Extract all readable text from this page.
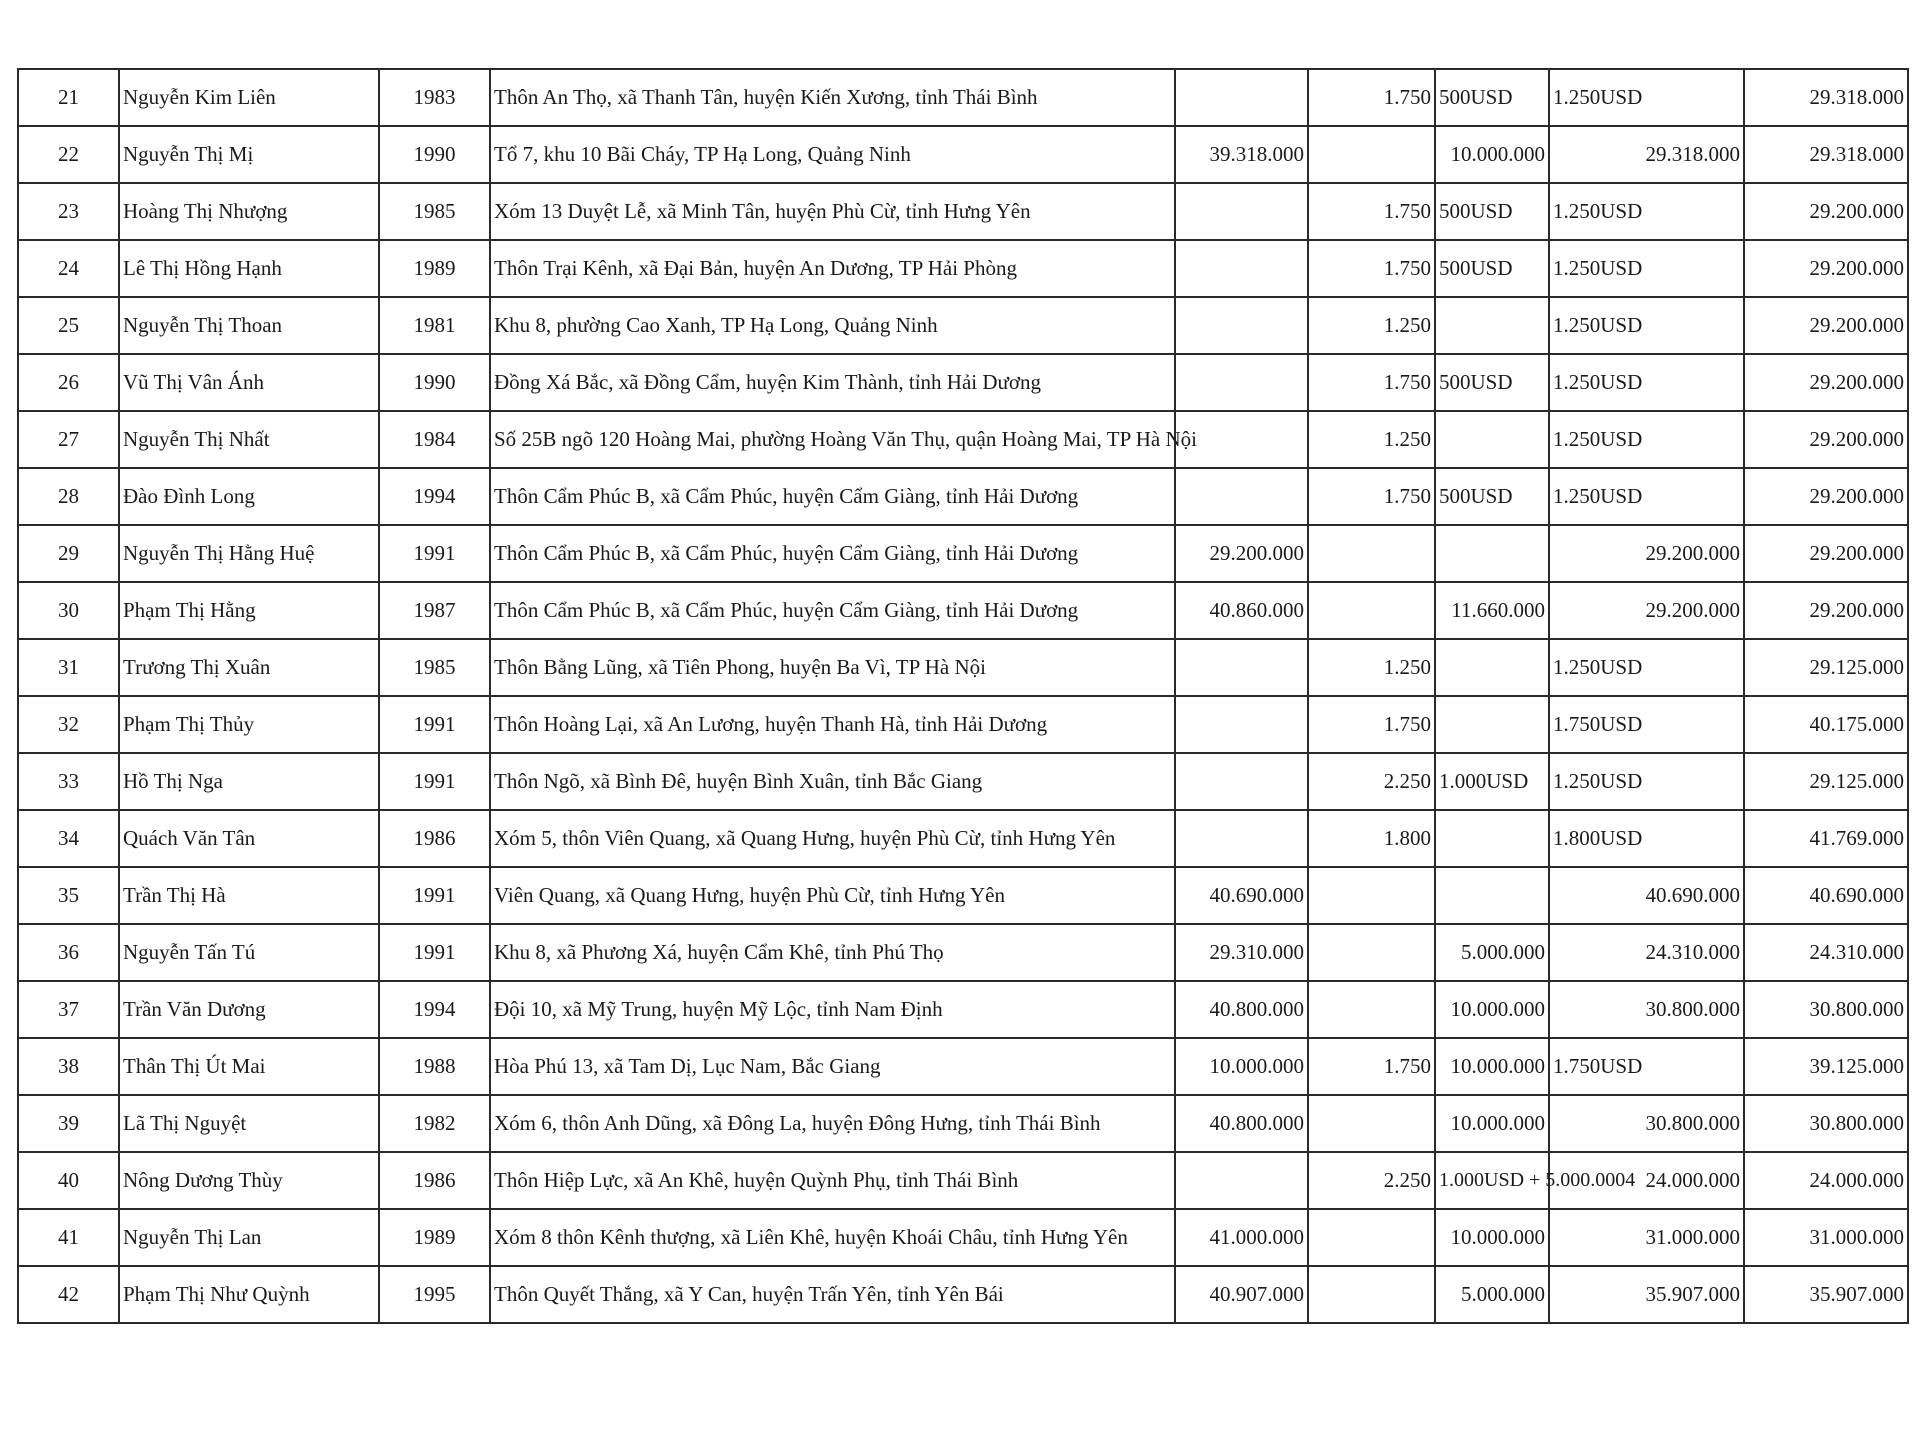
21	Nguyễn Kim Liên	1983	Thôn An Thọ, xã Thanh Tân, huyện Kiến Xương, tỉnh Thái Bình		1.750	500USD	1.250USD	29.318.000
22	Nguyễn Thị Mị	1990	Tổ 7, khu 10 Bãi Cháy, TP Hạ Long, Quảng Ninh	39.318.000		10.000.000	29.318.000	29.318.000
23	Hoàng Thị Nhượng	1985	Xóm 13 Duyệt Lễ, xã Minh Tân, huyện Phù Cừ, tỉnh Hưng Yên		1.750	500USD	1.250USD	29.200.000
24	Lê Thị Hồng Hạnh	1989	Thôn Trại Kênh, xã Đại Bản, huyện An Dương, TP Hải Phòng		1.750	500USD	1.250USD	29.200.000
25	Nguyễn Thị Thoan	1981	Khu 8, phường Cao Xanh, TP Hạ Long, Quảng Ninh		1.250		1.250USD	29.200.000
26	Vũ Thị Vân Ánh	1990	Đồng Xá Bắc, xã Đồng Cẩm, huyện Kim Thành, tỉnh Hải Dương		1.750	500USD	1.250USD	29.200.000
27	Nguyễn Thị Nhất	1984	Số 25B ngõ 120 Hoàng Mai, phường Hoàng Văn Thụ, quận Hoàng Mai, TP Hà Nội		1.250		1.250USD	29.200.000
28	Đào Đình Long	1994	Thôn Cẩm Phúc B, xã Cẩm Phúc, huyện Cẩm Giàng, tỉnh Hải Dương		1.750	500USD	1.250USD	29.200.000
29	Nguyễn Thị Hằng Huệ	1991	Thôn Cẩm Phúc B, xã Cẩm Phúc, huyện Cẩm Giàng, tỉnh Hải Dương	29.200.000			29.200.000	29.200.000
30	Phạm Thị Hằng	1987	Thôn Cẩm Phúc B, xã Cẩm Phúc, huyện Cẩm Giàng, tỉnh Hải Dương	40.860.000		11.660.000	29.200.000	29.200.000
31	Trương Thị Xuân	1985	Thôn Bằng Lũng, xã Tiên Phong, huyện Ba Vì, TP Hà Nội		1.250		1.250USD	29.125.000
32	Phạm Thị Thủy	1991	Thôn Hoàng Lại, xã An Lương, huyện Thanh Hà, tỉnh Hải Dương		1.750		1.750USD	40.175.000
33	Hồ Thị Nga	1991	Thôn Ngõ, xã Bình Đê, huyện Bình Xuân, tỉnh Bắc Giang		2.250	1.000USD	1.250USD	29.125.000
34	Quách Văn Tân	1986	Xóm 5, thôn Viên Quang, xã Quang Hưng, huyện Phù Cừ, tỉnh Hưng Yên		1.800		1.800USD	41.769.000
35	Trần Thị Hà	1991	Viên Quang, xã Quang Hưng, huyện Phù Cừ, tỉnh Hưng Yên	40.690.000			40.690.000	40.690.000
36	Nguyễn Tấn Tú	1991	Khu 8, xã Phương Xá, huyện Cẩm Khê, tỉnh Phú Thọ	29.310.000		5.000.000	24.310.000	24.310.000
37	Trần Văn Dương	1994	Đội 10, xã Mỹ Trung, huyện Mỹ Lộc, tỉnh Nam Định	40.800.000		10.000.000	30.800.000	30.800.000
38	Thân Thị Út Mai	1988	Hòa Phú 13, xã Tam Dị, Lục Nam, Bắc Giang	10.000.000	1.750	10.000.000	1.750USD	39.125.000
39	Lã Thị Nguyệt	1982	Xóm 6, thôn Anh Dũng, xã Đông La, huyện Đông Hưng, tỉnh Thái Bình	40.800.000		10.000.000	30.800.000	30.800.000
40	Nông Dương Thùy	1986	Thôn Hiệp Lực, xã An Khê, huyện Quỳnh Phụ, tỉnh Thái Bình		2.250	1.000USD + 5.000.0004	24.000.000	24.000.000
41	Nguyễn Thị Lan	1989	Xóm 8 thôn Kênh thượng, xã Liên Khê, huyện Khoái Châu, tỉnh Hưng Yên	41.000.000		10.000.000	31.000.000	31.000.000
42	Phạm Thị Như Quỳnh	1995	Thôn Quyết Thắng, xã Y Can, huyện Trấn Yên, tỉnh Yên Bái	40.907.000		5.000.000	35.907.000	35.907.000
